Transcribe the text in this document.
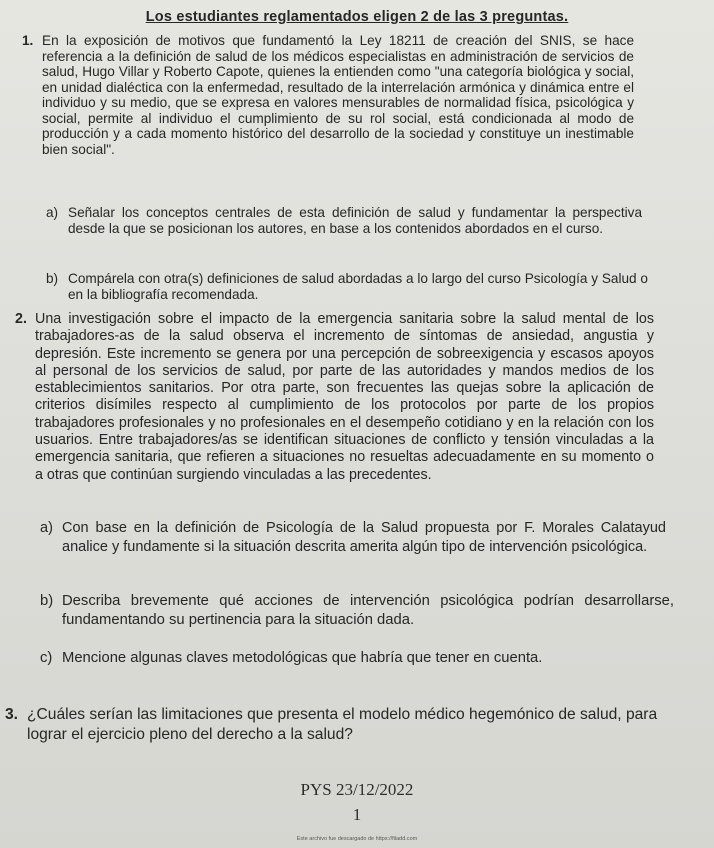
Los estudiantes reglamentados eligen 2 de las 3 preguntas.
1. En la exposición de motivos que fundamentó la Ley 18211 de creación del SNIS, se hace referencia a la definición de salud de los médicos especialistas en administración de servicios de salud, Hugo Villar y Roberto Capote, quienes la entienden como "una categoría biológica y social, en unidad dialéctica con la enfermedad, resultado de la interrelación armónica y dinámica entre el individuo y su medio, que se expresa en valores mensurables de normalidad física, psicológica y social, permite al individuo el cumplimiento de su rol social, está condicionada al modo de producción y a cada momento histórico del desarrollo de la sociedad y constituye un inestimable bien social".
a) Señalar los conceptos centrales de esta definición de salud y fundamentar la perspectiva desde la que se posicionan los autores, en base a los contenidos abordados en el curso.
b) Compárela con otra(s) definiciones de salud abordadas a lo largo del curso Psicología y Salud o en la bibliografía recomendada.
2. Una investigación sobre el impacto de la emergencia sanitaria sobre la salud mental de los trabajadores-as de la salud observa el incremento de síntomas de ansiedad, angustia y depresión. Este incremento se genera por una percepción de sobreexigencia y escasos apoyos al personal de los servicios de salud, por parte de las autoridades y mandos medios de los establecimientos sanitarios. Por otra parte, son frecuentes las quejas sobre la aplicación de criterios disímiles respecto al cumplimiento de los protocolos por parte de los propios trabajadores profesionales y no profesionales en el desempeño cotidiano y en la relación con los usuarios. Entre trabajadores/as se identifican situaciones de conflicto y tensión vinculadas a la emergencia sanitaria, que refieren a situaciones no resueltas adecuadamente en su momento o a otras que continúan surgiendo vinculadas a las precedentes.
a) Con base en la definición de Psicología de la Salud propuesta por F. Morales Calatayud analice y fundamente si la situación descrita amerita algún tipo de intervención psicológica.
b) Describa brevemente qué acciones de intervención psicológica podrían desarrollarse, fundamentando su pertinencia para la situación dada.
c) Mencione algunas claves metodológicas que habría que tener en cuenta.
3. ¿Cuáles serían las limitaciones que presenta el modelo médico hegemónico de salud, para lograr el ejercicio pleno del derecho a la salud?
PYS 23/12/2022
1
Este archivo fue descargado de https://filadd.com
